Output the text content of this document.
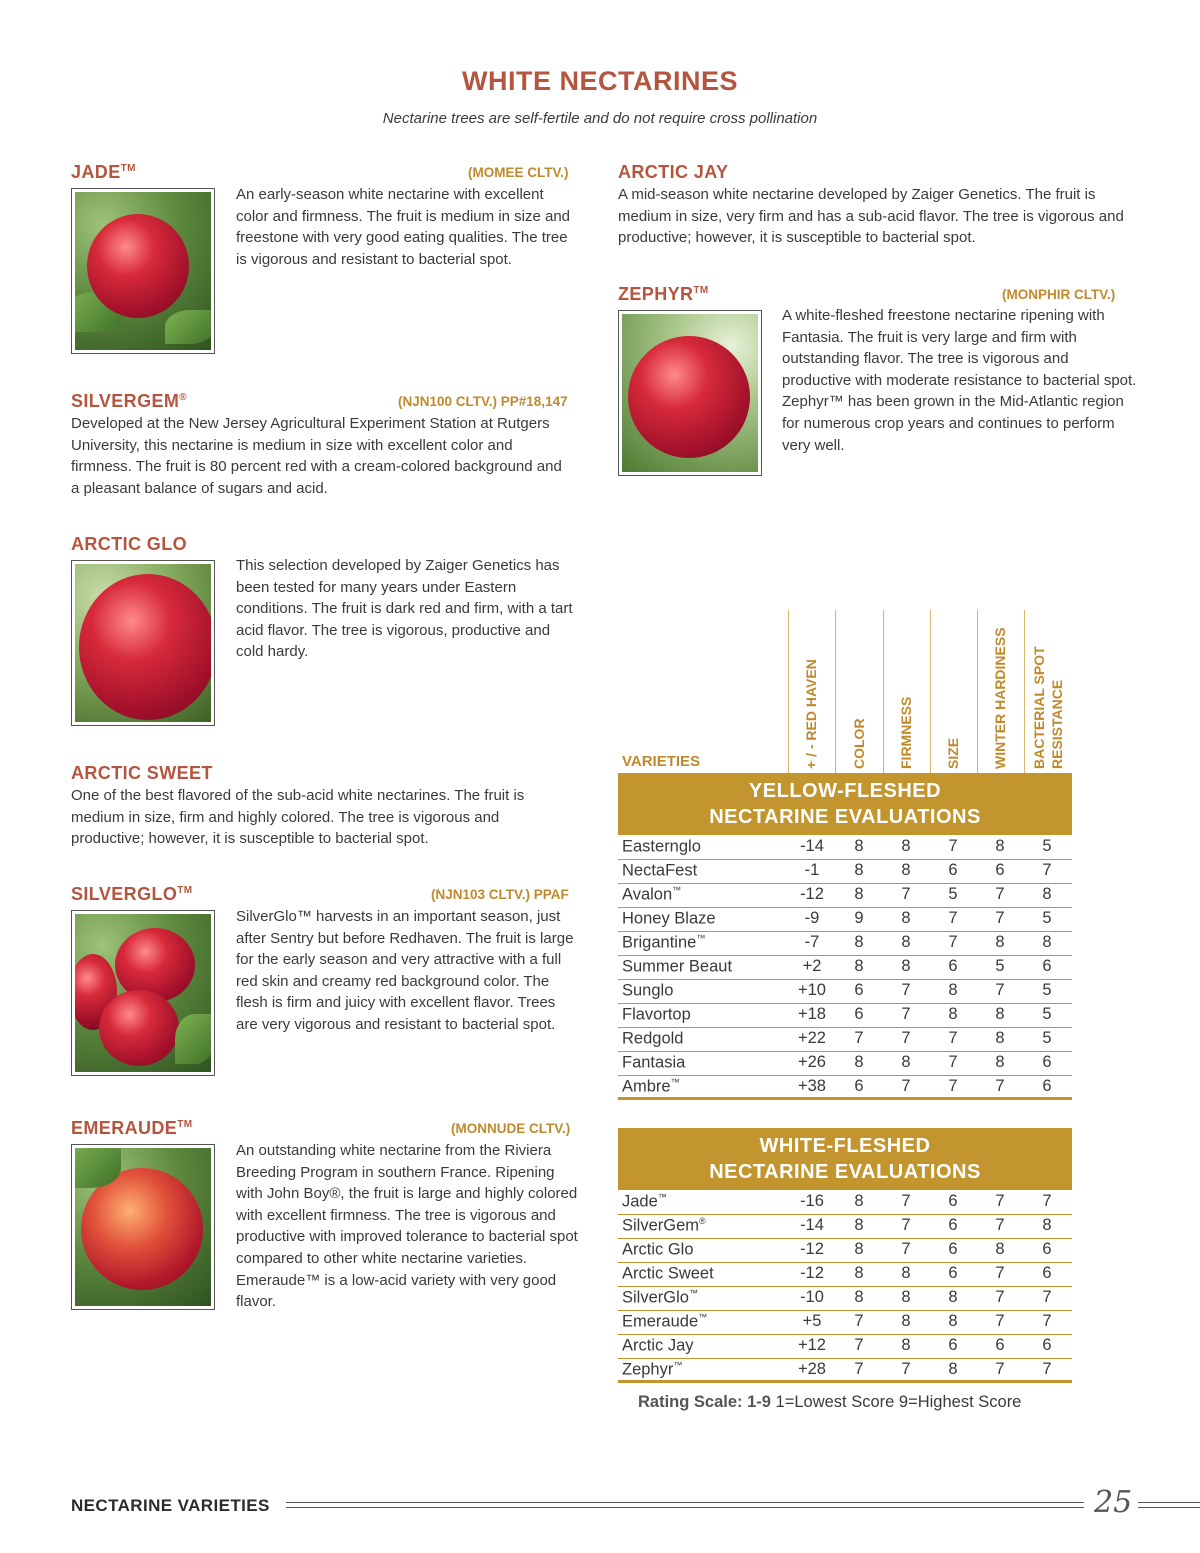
WHITE NECTARINES
Nectarine trees are self-fertile and do not require cross pollination
JADE™	(MOMEE CLTV.)
An early-season white nectarine with excellent color and firmness. The fruit is medium in size and freestone with very good eating qualities. The tree is vigorous and resistant to bacterial spot.
SILVERGEM®	(NJN100 CLTV.) PP#18,147
Developed at the New Jersey Agricultural Experiment Station at Rutgers University, this nectarine is medium in size with excellent color and firmness. The fruit is 80 percent red with a cream-colored background and a pleasant balance of sugars and acid.
ARCTIC GLO
This selection developed by Zaiger Genetics has been tested for many years under Eastern conditions. The fruit is dark red and firm, with a tart acid flavor. The tree is vigorous, productive and cold hardy.
ARCTIC SWEET
One of the best flavored of the sub-acid white nectarines. The fruit is medium in size, firm and highly colored. The tree is vigorous and productive; however, it is susceptible to bacterial spot.
SILVERGLO™	(NJN103 CLTV.) PPAF
SilverGlo™ harvests in an important season, just after Sentry but before Redhaven. The fruit is large for the early season and very attractive with a full red skin and creamy red background color. The flesh is firm and juicy with excellent flavor. Trees are very vigorous and resistant to bacterial spot.
EMERAUDE™	(MONNUDE CLTV.)
An outstanding white nectarine from the Riviera Breeding Program in southern France. Ripening with John Boy®, the fruit is large and highly colored with excellent firmness. The tree is vigorous and productive with improved tolerance to bacterial spot compared to other white nectarine varieties. Emeraude™ is a low-acid variety with very good flavor.
ARCTIC JAY
A mid-season white nectarine developed by Zaiger Genetics. The fruit is medium in size, very firm and has a sub-acid flavor. The tree is vigorous and productive; however, it is susceptible to bacterial spot.
ZEPHYR™	(MONPHIR CLTV.)
A white-fleshed freestone nectarine ripening with Fantasia. The fruit is very large and firm with outstanding flavor. The tree is vigorous and productive with moderate resistance to bacterial spot. Zephyr™ has been grown in the Mid-Atlantic region for numerous crop years and continues to perform very well.
+ / - RED HAVEN COLOR FIRMNESS SIZE WINTER HARDINESS BACTERIAL SPOT RESISTANCE
VARIETIES
YELLOW-FLESHED
NECTARINE EVALUATIONS
Easternglo	-14	8	8	7	8	5
NectaFest	-1	8	8	6	6	7
Avalon™	-12	8	7	5	7	8
Honey Blaze	-9	9	8	7	7	5
Brigantine™	-7	8	8	7	8	8
Summer Beaut	+2	8	8	6	5	6
Sunglo	+10	6	7	8	7	5
Flavortop	+18	6	7	8	8	5
Redgold	+22	7	7	7	8	5
Fantasia	+26	8	8	7	8	6
Ambre™	+38	6	7	7	7	6
WHITE-FLESHED
NECTARINE EVALUATIONS
Jade™	-16	8	7	6	7	7
SilverGem®	-14	8	7	6	7	8
Arctic Glo	-12	8	7	6	8	6
Arctic Sweet	-12	8	8	6	7	6
SilverGlo™	-10	8	8	8	7	7
Emeraude™	+5	7	8	8	7	7
Arctic Jay	+12	7	8	6	6	6
Zephyr™	+28	7	7	8	7	7
Rating Scale: 1-9 1=Lowest Score 9=Highest Score
NECTARINE VARIETIES	25
